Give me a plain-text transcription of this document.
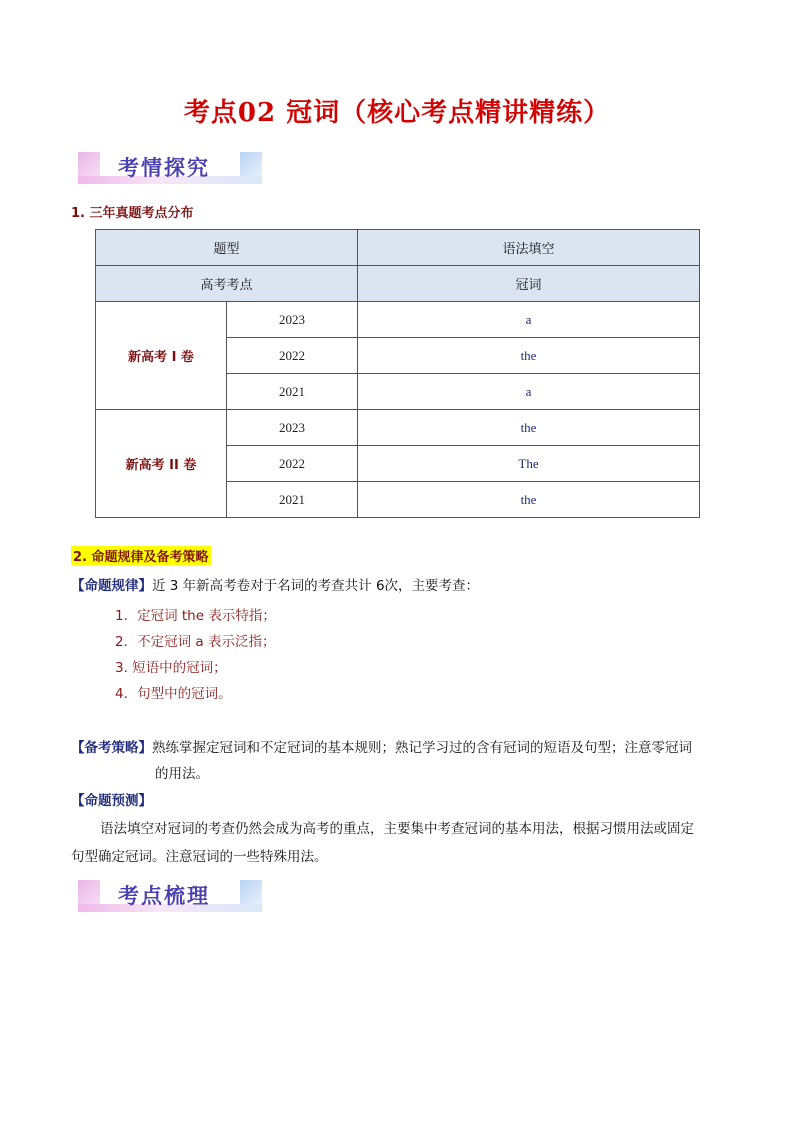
考点02 冠词（核心考点精讲精练）
考情探究
1. 三年真题考点分布
题型		语法填空
高考考点		冠词
新高考 I 卷	2023	a
	2022	the
	2021	a
新高考 II 卷	2023	the
	2022	The
	2021	the
2. 命题规律及备考策略
【命题规律】近 3 年新高考卷对于名词的考查共计 6次，主要考查：
1．定冠词 the 表示特指；
2．不定冠词 a 表示泛指；
3. 短语中的冠词；
4．句型中的冠词。
【备考策略】熟练掌握定冠词和不定冠词的基本规则；熟记学习过的含有冠词的短语及句型；注意零冠词
的用法。
【命题预测】
语法填空对冠词的考查仍然会成为高考的重点，主要集中考查冠词的基本用法，根据习惯用法或固定
句型确定冠词。注意冠词的一些特殊用法。
考点梳理
